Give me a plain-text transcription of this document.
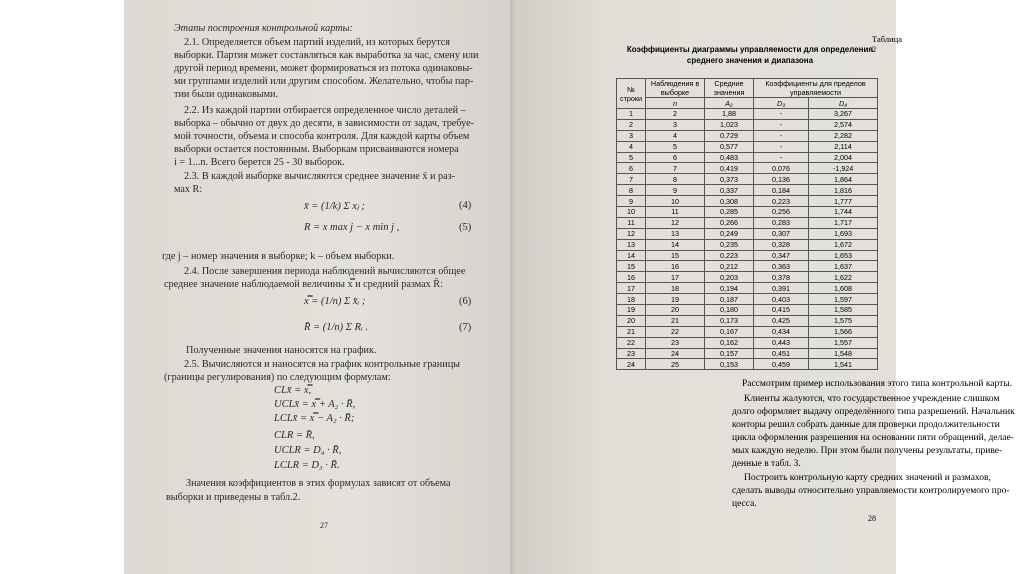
Этапы построения контрольной карты:
2.1. Определяется объем партий изделий, из которых берутся
выборки. Партия может составляться как выработка за час, смену или
другой период времени, может формироваться из потока одинаковы-
ми группами изделий или другим способом. Желательно, чтобы пар-
тии были одинаковыми.
2.2. Из каждой партии отбирается определенное число деталей –
выборка – обычно от двух до десяти, в зависимости от задач, требуе-
мой точности, объема и способа контроля. Для каждой карты объем
выборки остается постоянным. Выборкам присваиваются номера
i = 1...n. Всего берется 25 - 30 выборок.
2.3. В каждой выборке вычисляются среднее значение x̄ и раз-
мах R:
x̄ = (1/k) Σ xⱼ ;	(4)
R = x max j − x min j ,	(5)
где j – номер значения в выборке; k – объем выборки.
2.4. После завершения периода наблюдений вычисляются общее
среднее значение наблюдаемой величины x̿ и средний размах R̄:
x̿ = (1/n) Σ x̄ᵢ ;	(6)
R̄ = (1/n) Σ Rᵢ .	(7)
Полученные значения наносятся на график.
2.5. Вычисляются и наносятся на график контрольные границы
(границы регулирования) по следующим формулам:
CLx̄ = x̿,
UCLx̄ = x̿ + A₂ · R̄,
LCLx̄ = x̿ − A₂ · R̄;
CLR = R̄,
UCLR = D₄ · R̄,
LCLR = D₃ · R̄.
Значения коэффициентов в этих формулах зависят от объема
выборки и приведены в табл.2.
27
Таблица 2
Коэффициенты диаграммы управляемости для определения
среднего значения и диапазона
№ строки	Наблюдения в выборке	Средние значения	Коэффициенты для пределов управляемости	
	n	A₂	D₃	D₄
1	2	1,88	-	3,267
2	3	1,023	-	2,574
3	4	0,729	-	2,282
4	5	0,577	-	2,114
5	6	0,483	-	2,004
6	7	0,419	0,076	-1,924
7	8	0,373	0,136	1,864
8	9	0,337	0,184	1,816
9	10	0,308	0,223	1,777
10	11	0,285	0,256	1,744
11	12	0,266	0,283	1,717
12	13	0,249	0,307	1,693
13	14	0,235	0,328	1,672
14	15	0,223	0,347	1,653
15	16	0,212	0,363	1,637
16	17	0,203	0,378	1,622
17	18	0,194	0,391	1,608
18	19	0,187	0,403	1,597
19	20	0,180	0,415	1,585
20	21	0,173	0,425	1,575
21	22	0,167	0,434	1,566
22	23	0,162	0,443	1,557
23	24	0,157	0,451	1,548
24	25	0,153	0,459	1,541
Рассмотрим пример использования этого типа контрольной карты.
Клиенты жалуются, что государственное учреждение слишком
долго оформляет выдачу определённого типа разрешений. Начальник
конторы решил собрать данные для проверки продолжительности
цикла оформления разрешения на основании пяти обращений, делае-
мых каждую неделю. При этом были получены результаты, приве-
денные в табл. 3.
Построить контрольную карту средних значений и размахов,
сделать выводы относительно управляемости контролируемого про-
цесса.
28
